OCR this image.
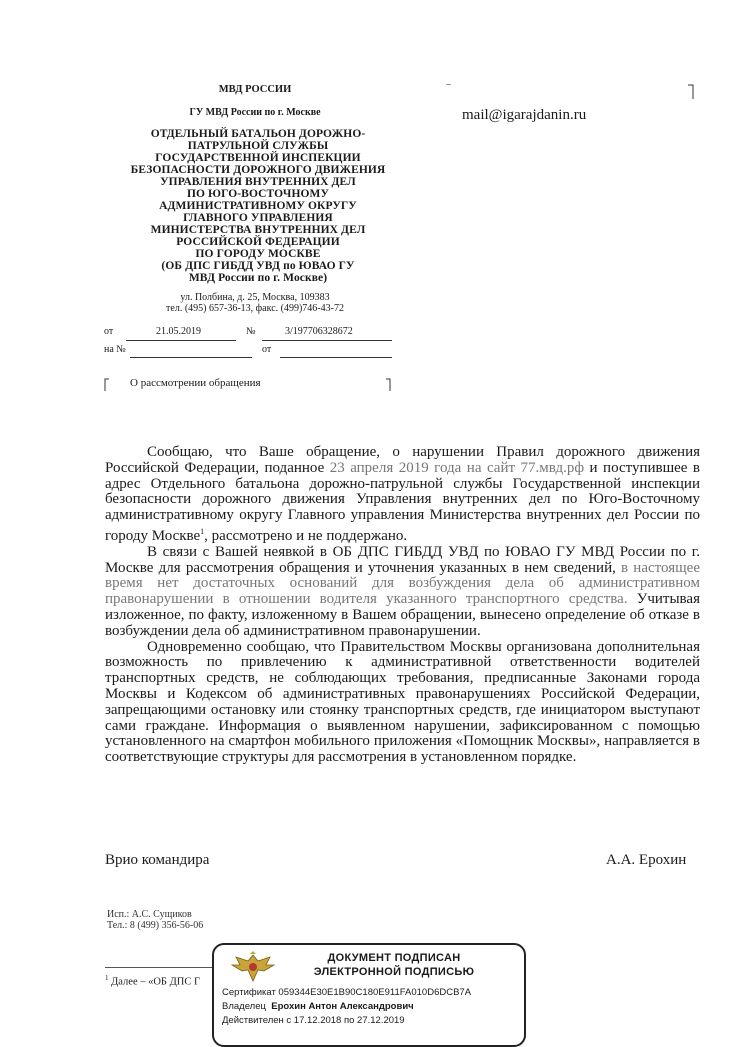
МВД РОССИИ
ГУ МВД России по г. Москве
ОТДЕЛЬНЫЙ БАТАЛЬОН ДОРОЖНО-
ПАТРУЛЬНОЙ СЛУЖБЫ
ГОСУДАРСТВЕННОЙ ИНСПЕКЦИИ
БЕЗОПАСНОСТИ ДОРОЖНОГО ДВИЖЕНИЯ
УПРАВЛЕНИЯ ВНУТРЕННИХ ДЕЛ
ПО ЮГО-ВОСТОЧНОМУ
АДМИНИСТРАТИВНОМУ ОКРУГУ
ГЛАВНОГО УПРАВЛЕНИЯ
МИНИСТЕРСТВА ВНУТРЕННИХ ДЕЛ
РОССИЙСКОЙ ФЕДЕРАЦИИ
ПО ГОРОДУ МОСКВЕ
(ОБ ДПС ГИБДД УВД по ЮВАО ГУ
МВД России по г. Москве)
ул. Полбина, д. 25, Москва, 109383
тел. (495) 657-36-13, факс. (499)746-43-72
mail@igarajdanin.ru
от	21.05.2019	№	3/197706328672
на №	от
О рассмотрении обращения

Сообщаю, что Ваше обращение, о нарушении Правил дорожного движения Российской Федерации, поданное 23 апреля 2019 года на сайт 77.мвд.рф и поступившее в адрес Отдельного батальона дорожно-патрульной службы Государственной инспекции безопасности дорожного движения Управления внутренних дел по Юго-Восточному административному округу Главного управления Министерства внутренних дел России по городу Москве$^1$, рассмотрено и не поддержано.

В связи с Вашей неявкой в ОБ ДПС ГИБДД УВД по ЮВАО ГУ МВД России по г. Москве для рассмотрения обращения и уточнения указанных в нем сведений, в настоящее время нет достаточных оснований для возбуждения дела об административном правонарушении в отношении водителя указанного транспортного средства. Учитывая изложенное, по факту, изложенному в Вашем обращении, вынесено определение об отказе в возбуждении дела об административном правонарушении.

Одновременно сообщаю, что Правительством Москвы организована дополнительная возможность по привлечению к административной ответственности водителей транспортных средств, не соблюдающих требования, предписанные Законами города Москвы и Кодексом об административных правонарушениях Российской Федерации, запрещающими остановку или стоянку транспортных средств, где инициатором выступают сами граждане. Информация о выявленном нарушении, зафиксированном с помощью установленного на смартфон мобильного приложения «Помощник Москвы», направляется в соответствующие структуры для рассмотрения в установленном порядке.

Врио командира	А.А. Ерохин
Исп.: А.С. Сущиков
Тел.: 8 (499) 356-56-06
$^1$ Далее – «ОБ ДПС Г
ДОКУМЕНТ ПОДПИСАН
ЭЛЕКТРОННОЙ ПОДПИСЬЮ
Сертификат 059344E30E1B90C180E911FA010D6DCB7A
Владелец Ерохин Антон Александрович
Действителен с 17.12.2018 по 27.12.2019
